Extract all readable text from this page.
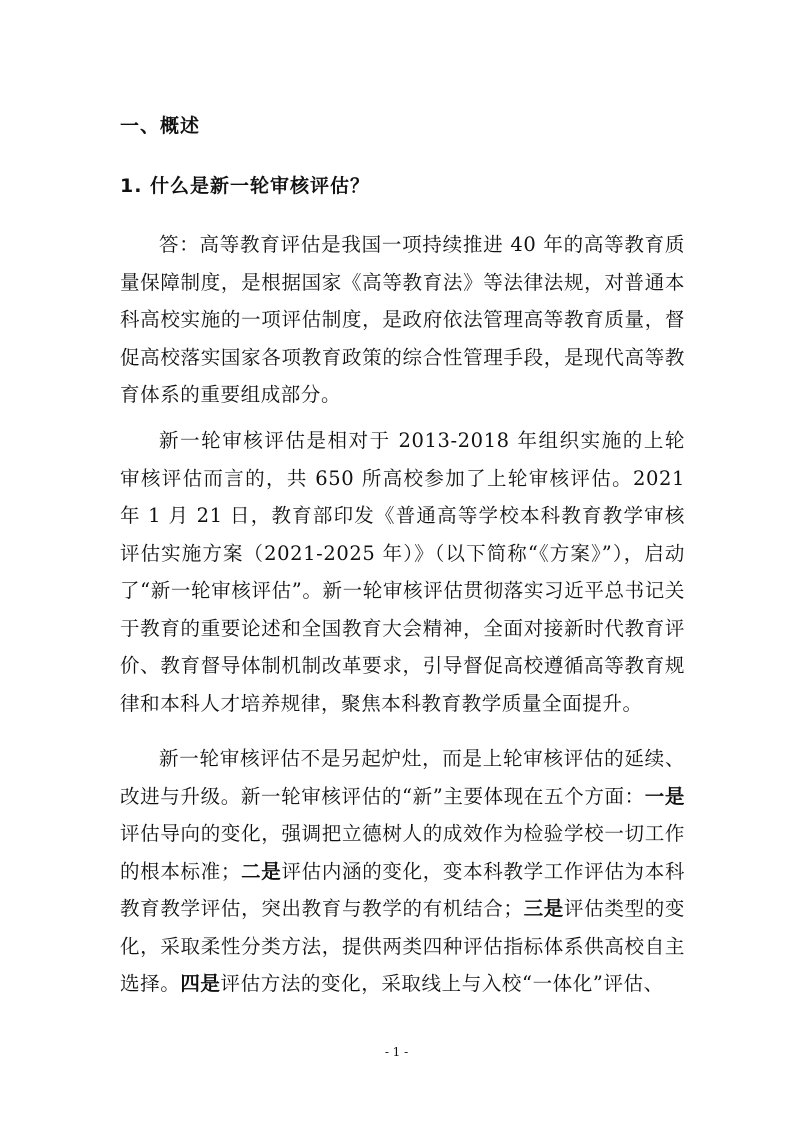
一、概述
1. 什么是新一轮审核评估？

答：高等教育评估是我国一项持续推进 40 年的高等教育质量保障制度，是根据国家《高等教育法》等法律法规，对普通本科高校实施的一项评估制度，是政府依法管理高等教育质量，督促高校落实国家各项教育政策的综合性管理手段，是现代高等教育体系的重要组成部分。

新一轮审核评估是相对于 2013-2018 年组织实施的上轮审核评估而言的，共 650 所高校参加了上轮审核评估。2021 年 1 月 21 日，教育部印发《普通高等学校本科教育教学审核评估实施方案（2021-2025 年）》（以下简称“《方案》”），启动了“新一轮审核评估”。新一轮审核评估贯彻落实习近平总书记关于教育的重要论述和全国教育大会精神，全面对接新时代教育评价、教育督导体制机制改革要求，引导督促高校遵循高等教育规律和本科人才培养规律，聚焦本科教育教学质量全面提升。

新一轮审核评估不是另起炉灶，而是上轮审核评估的延续、改进与升级。新一轮审核评估的“新”主要体现在五个方面：一是评估导向的变化，强调把立德树人的成效作为检验学校一切工作的根本标准；二是评估内涵的变化，变本科教学工作评估为本科教育教学评估，突出教育与教学的有机结合；三是评估类型的变化，采取柔性分类方法，提供两类四种评估指标体系供高校自主选择。四是评估方法的变化，采取线上与入校“一体化”评估、

- 1 -
